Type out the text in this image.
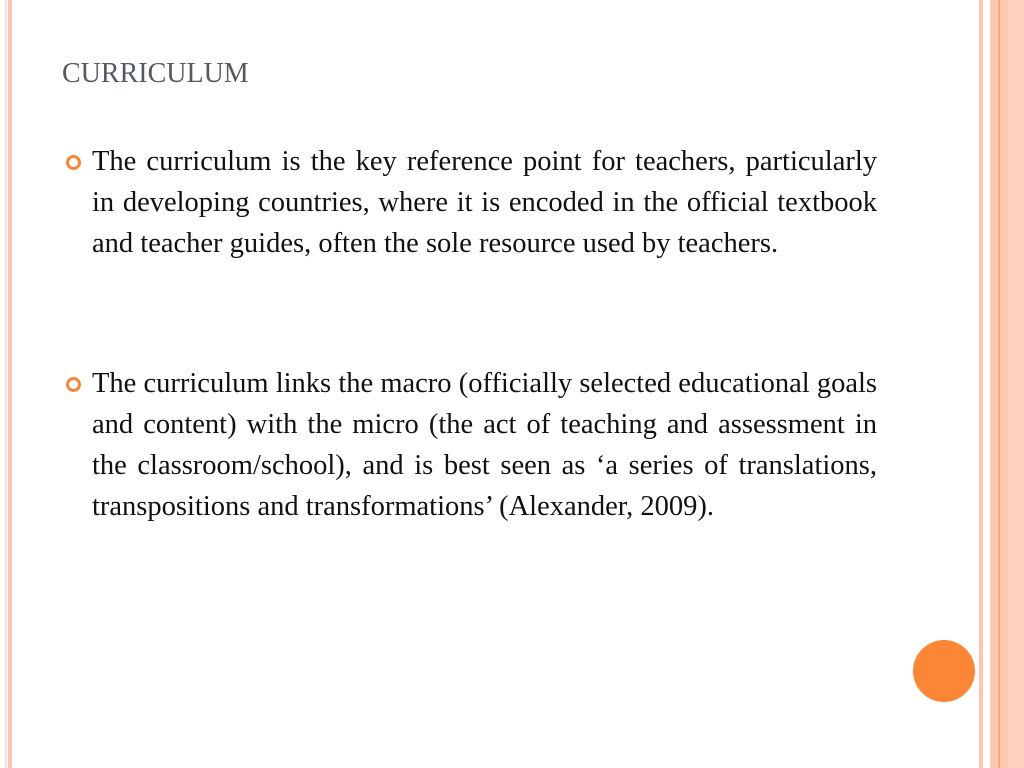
CURRICULUM
The curriculum is the key reference point for teachers, particularly in developing countries, where it is encoded in the official textbook and teacher guides, often the sole resource used by teachers.
The curriculum links the macro (officially selected educational goals and content) with the micro (the act of teaching and assessment in the classroom/school), and is best seen as ‘a series of translations, transpositions and transformations’ (Alexander, 2009).
